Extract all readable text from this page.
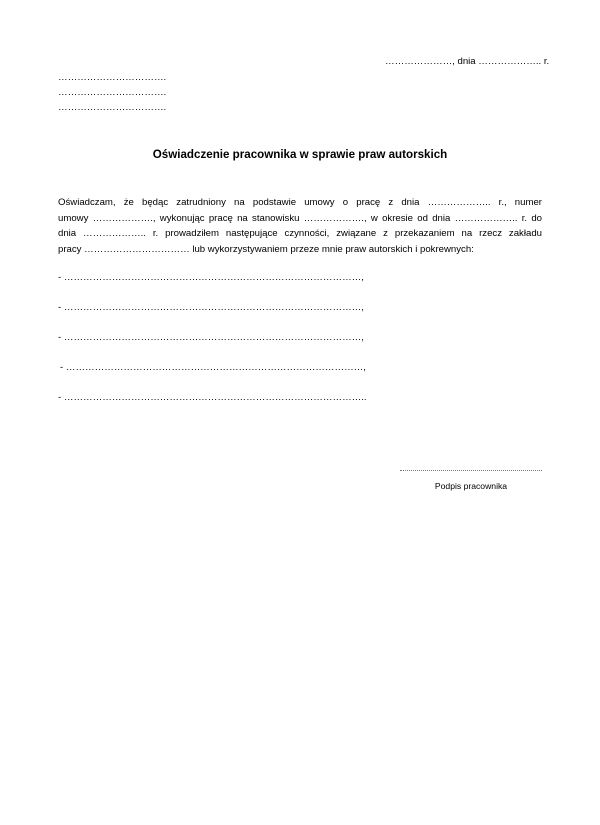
…………………, dnia ……………….. r.
…………………………….
…………………………….
…………………………….
Oświadczenie pracownika w sprawie praw autorskich
Oświadczam, że będąc zatrudniony na podstawie umowy o pracę z dnia ……………….. r., numer
umowy ………………., wykonując pracę na stanowisku ………………., w okresie od dnia ……………….. r. do
dnia ……………….. r. prowadziłem następujące czynności, związane z przekazaniem na rzecz zakładu
pracy …………………………… lub wykorzystywaniem przeze mnie praw autorskich i pokrewnych:
- …………………………………………………………………………………,
- …………………………………………………………………………………,
- …………………………………………………………………………………,
- …………………………………………………………………………………,
- …………………………………………………………………………………..
Podpis pracownika
